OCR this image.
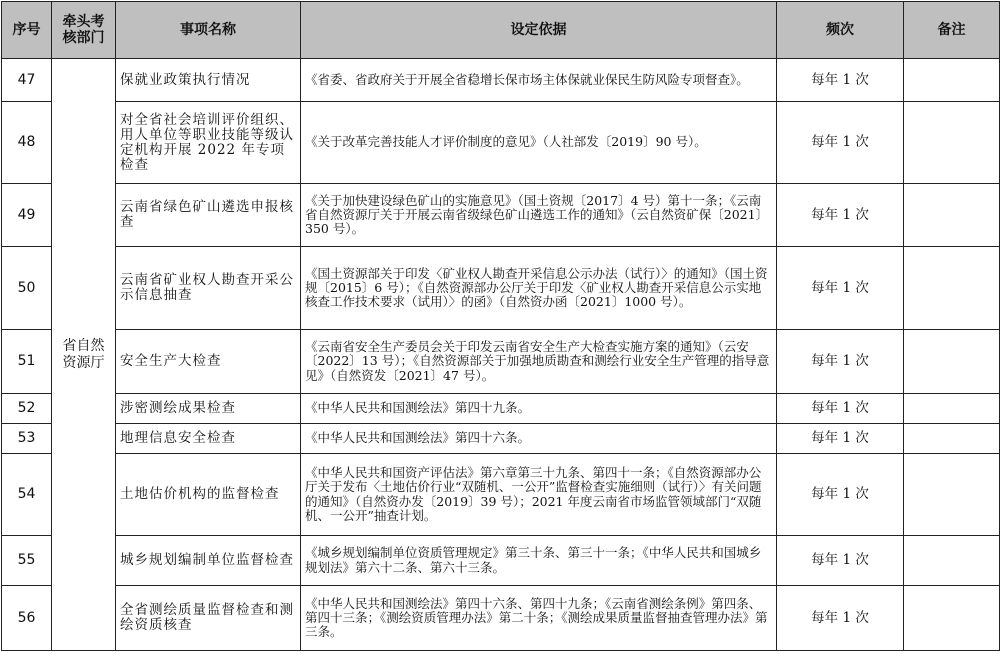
序号	牵头考核部门	事项名称	设定依据	频次	备注
47	省自然资源厅	保就业政策执行情况	《省委、省政府关于开展全省稳增长保市场主体保就业保民生防风险专项督查》。	每年 1 次	
48		对全省社会培训评价组织、用人单位等职业技能等级认定机构开展 2022 年专项检查	《关于改革完善技能人才评价制度的意见》（人社部发〔2019〕90 号）。	每年 1 次	
49		云南省绿色矿山遴选申报核查	《关于加快建设绿色矿山的实施意见》（国土资规〔2017〕4 号）第十一条；《云南省自然资源厅关于开展云南省级绿色矿山遴选工作的通知》（云自然资矿保〔2021〕350 号）。	每年 1 次	
50		云南省矿业权人勘查开采公示信息抽查	《国土资源部关于印发〈矿业权人勘查开采信息公示办法（试行）〉的通知》（国土资规〔2015〕6 号）；《自然资源部办公厅关于印发〈矿业权人勘查开采信息公示实地核查工作技术要求（试用）〉的函》（自然资办函〔2021〕1000 号）。	每年 1 次	
51		安全生产大检查	《云南省安全生产委员会关于印发云南省安全生产大检查实施方案的通知》（云安〔2022〕13 号）；《自然资源部关于加强地质勘查和测绘行业安全生产管理的指导意见》（自然资发〔2021〕47 号）。	每年 1 次	
52		涉密测绘成果检查	《中华人民共和国测绘法》第四十九条。	每年 1 次	
53		地理信息安全检查	《中华人民共和国测绘法》第四十六条。	每年 1 次	
54		土地估价机构的监督检查	《中华人民共和国资产评估法》第六章第三十九条、第四十一条；《自然资源部办公厅关于发布〈土地估价行业“双随机、一公开”监督检查实施细则（试行）〉有关问题的通知》（自然资办发〔2019〕39 号）；2021 年度云南省市场监管领域部门“双随机、一公开”抽查计划。	每年 1 次	
55		城乡规划编制单位监督检查	《城乡规划编制单位资质管理规定》第三十条、第三十一条；《中华人民共和国城乡规划法》第六十二条、第六十三条。	每年 1 次	
56		全省测绘质量监督检查和测绘资质核查	《中华人民共和国测绘法》第四十六条、第四十九条；《云南省测绘条例》第四条、第四十三条；《测绘资质管理办法》第二十条；《测绘成果质量监督抽查管理办法》第三条。	每年 1 次	
